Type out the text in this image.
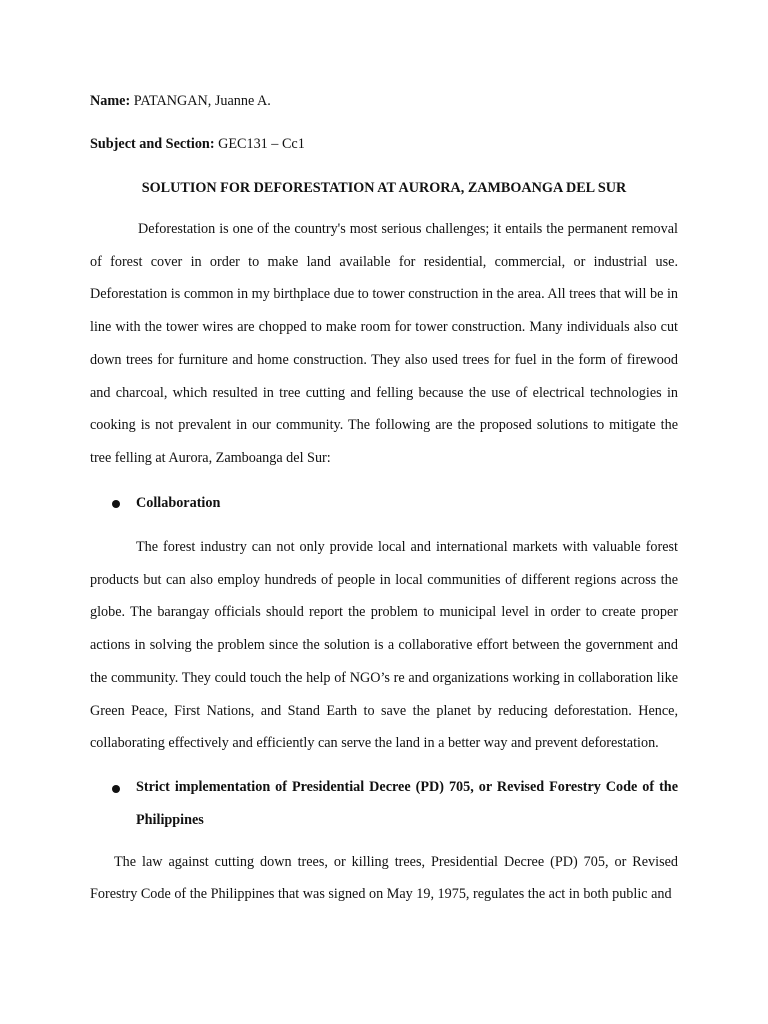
Name: PATANGAN, Juanne A.
Subject and Section: GEC131 – Cc1
SOLUTION FOR DEFORESTATION AT AURORA, ZAMBOANGA DEL SUR

Deforestation is one of the country's most serious challenges; it entails the permanent removal of forest cover in order to make land available for residential, commercial, or industrial use. Deforestation is common in my birthplace due to tower construction in the area. All trees that will be in line with the tower wires are chopped to make room for tower construction. Many individuals also cut down trees for furniture and home construction. They also used trees for fuel in the form of firewood and charcoal, which resulted in tree cutting and felling because the use of electrical technologies in cooking is not prevalent in our community. The following are the proposed solutions to mitigate the tree felling at Aurora, Zamboanga del Sur:

Collaboration

The forest industry can not only provide local and international markets with valuable forest products but can also employ hundreds of people in local communities of different regions across the globe. The barangay officials should report the problem to municipal level in order to create proper actions in solving the problem since the solution is a collaborative effort between the government and the community. They could touch the help of NGO’s re and organizations working in collaboration like Green Peace, First Nations, and Stand Earth to save the planet by reducing deforestation. Hence, collaborating effectively and efficiently can serve the land in a better way and prevent deforestation.

Strict implementation of Presidential Decree (PD) 705, or Revised Forestry Code of the Philippines

The law against cutting down trees, or killing trees, Presidential Decree (PD) 705, or Revised Forestry Code of the Philippines that was signed on May 19, 1975, regulates the act in both public and
